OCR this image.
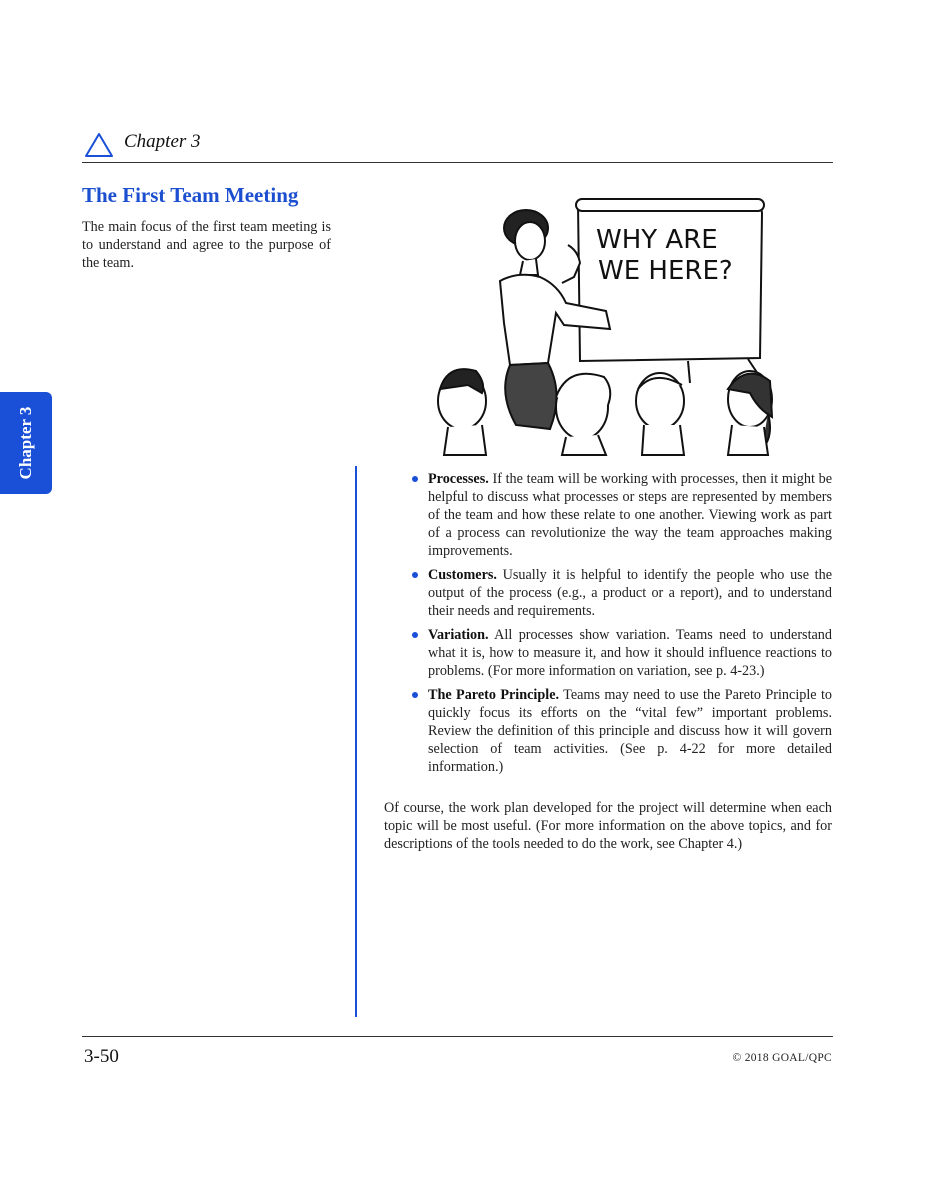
Chapter 3
The First Team Meeting
The main focus of the first team meeting is to understand and agree to the purpose of the team.
Chapter 3
WHY ARE
WE HERE?
Processes. If the team will be working with processes, then it might be helpful to discuss what processes or steps are represented by members of the team and how these relate to one another. Viewing work as part of a process can revolutionize the way the team approaches making improvements.
Customers. Usually it is helpful to identify the people who use the output of the process (e.g., a product or a report), and to understand their needs and requirements.
Variation. All processes show variation. Teams need to understand what it is, how to measure it, and how it should influence reactions to problems. (For more information on variation, see p. 4-23.)
The Pareto Principle. Teams may need to use the Pareto Principle to quickly focus its efforts on the “vital few” important problems. Review the definition of this principle and discuss how it will govern selection of team activities. (See p. 4-22 for more detailed information.)

Of course, the work plan developed for the project will determine when each topic will be most useful. (For more information on the above topics, and for descriptions of the tools needed to do the work, see Chapter 4.)

3-50	© 2018 GOAL/QPC
